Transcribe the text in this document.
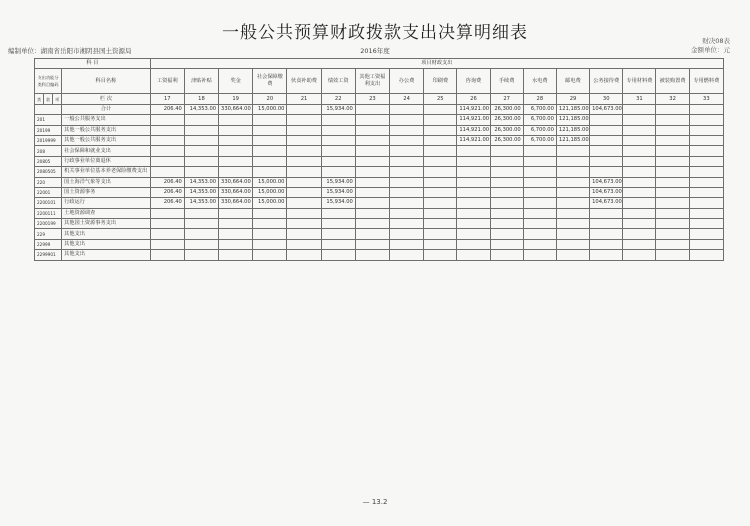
一般公共预算财政拨款支出决算明细表	财决08表
金额单位：元
编制单位：湖南省岳阳市湘阴县国土资源局	2016年度
科 目				项目财政支出																
支出功能分类科目编码			科目名称	工资福利	津贴补贴	奖金	社会保障缴费	伙食补助费	绩效工资	其他工资福利支出	办公费	印刷费	咨询费	手续费	水电费	邮电费	公务接待费	专用材料费	被装购置费	专用燃料费
类	款	项	栏 次	17	18	19	20	21	22	23	24	25	26	27	28	29	30	31	32	33
			合计	206.40	14,353.00	330,664.00	15,000.00		15,934.00				114,921.00	26,300.00	6,700.00	121,185.00	104,673.00			
201			一般公共服务支出										114,921.00	26,300.00	6,700.00	121,185.00				
20199			其他一般公共服务支出										114,921.00	26,300.00	6,700.00	121,185.00				
2019999			其他一般公共服务支出										114,921.00	26,300.00	6,700.00	121,185.00				
208			社会保障和就业支出																	
20805			行政事业单位离退休																	
2080505			机关事业单位基本养老保险缴费支出																	
220			国土海洋气象等支出	206.40	14,353.00	330,664.00	15,000.00		15,934.00								104,673.00			
22001			国土资源事务	206.40	14,353.00	330,664.00	15,000.00		15,934.00								104,673.00			
2200101			行政运行	206.40	14,353.00	330,664.00	15,000.00		15,934.00								104,673.00			
2200111			土地资源调查																	
2200199			其他国土资源事务支出																	
229			其他支出																	
22999			其他支出																	
2299901			其他支出																	
— 13.2
